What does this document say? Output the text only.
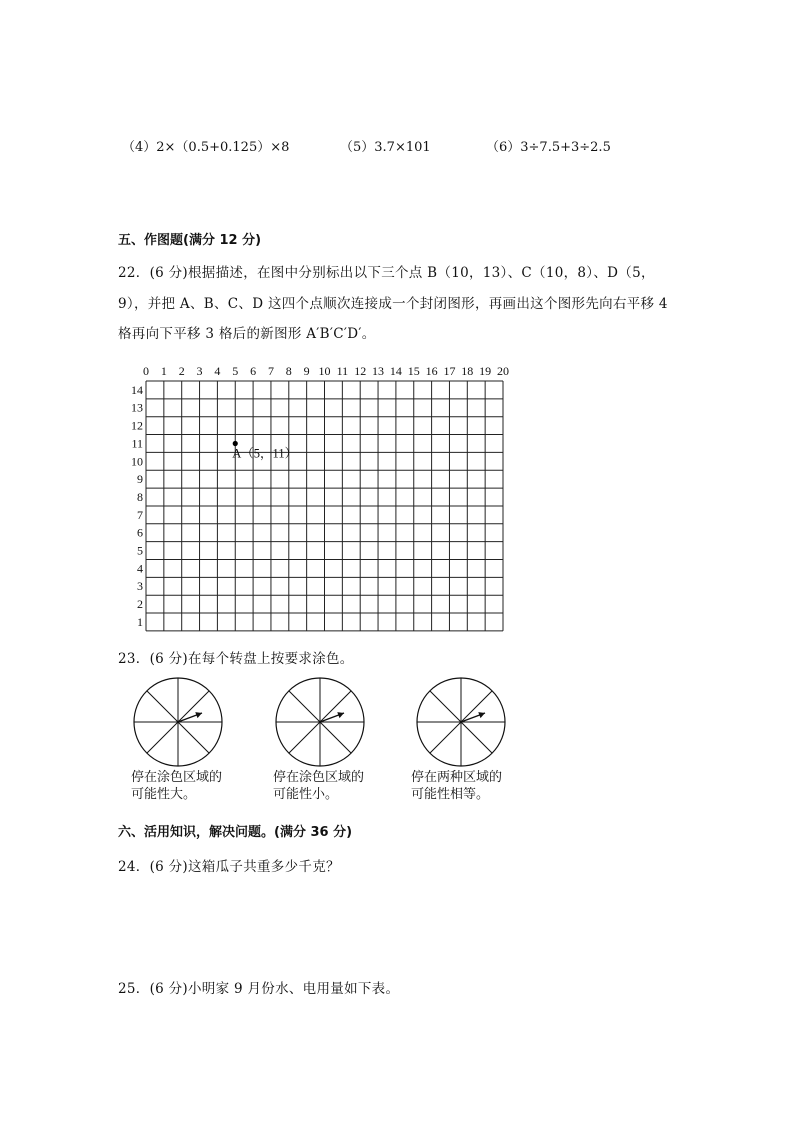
（4）2×（0.5+0.125）×8	（5）3.7×101	（6）3÷7.5+3÷2.5
五、作图题(满分 12 分)
22．(6 分)根据描述，在图中分别标出以下三个点 B（10，13）、C（10，8）、D（5，
9），并把 A、B、C、D 这四个点顺次连接成一个封闭图形，再画出这个图形先向右平移 4
格再向下平移 3 格后的新图形 A′B′C′D′。
0 1 2 3 4 5 6 7 8 9 10 11 12 13 14 15 16 17 18 19 20
14
13
12
11
10
9
8
7
6
5
4
3
2
1
A（5，11）
23．(6 分)在每个转盘上按要求涂色。
停在涂色区域的
可能性大。
停在涂色区域的
可能性小。
停在两种区域的
可能性相等。
六、活用知识，解决问题。(满分 36 分)
24．(6 分)这箱瓜子共重多少千克？
25．(6 分)小明家 9 月份水、电用量如下表。
